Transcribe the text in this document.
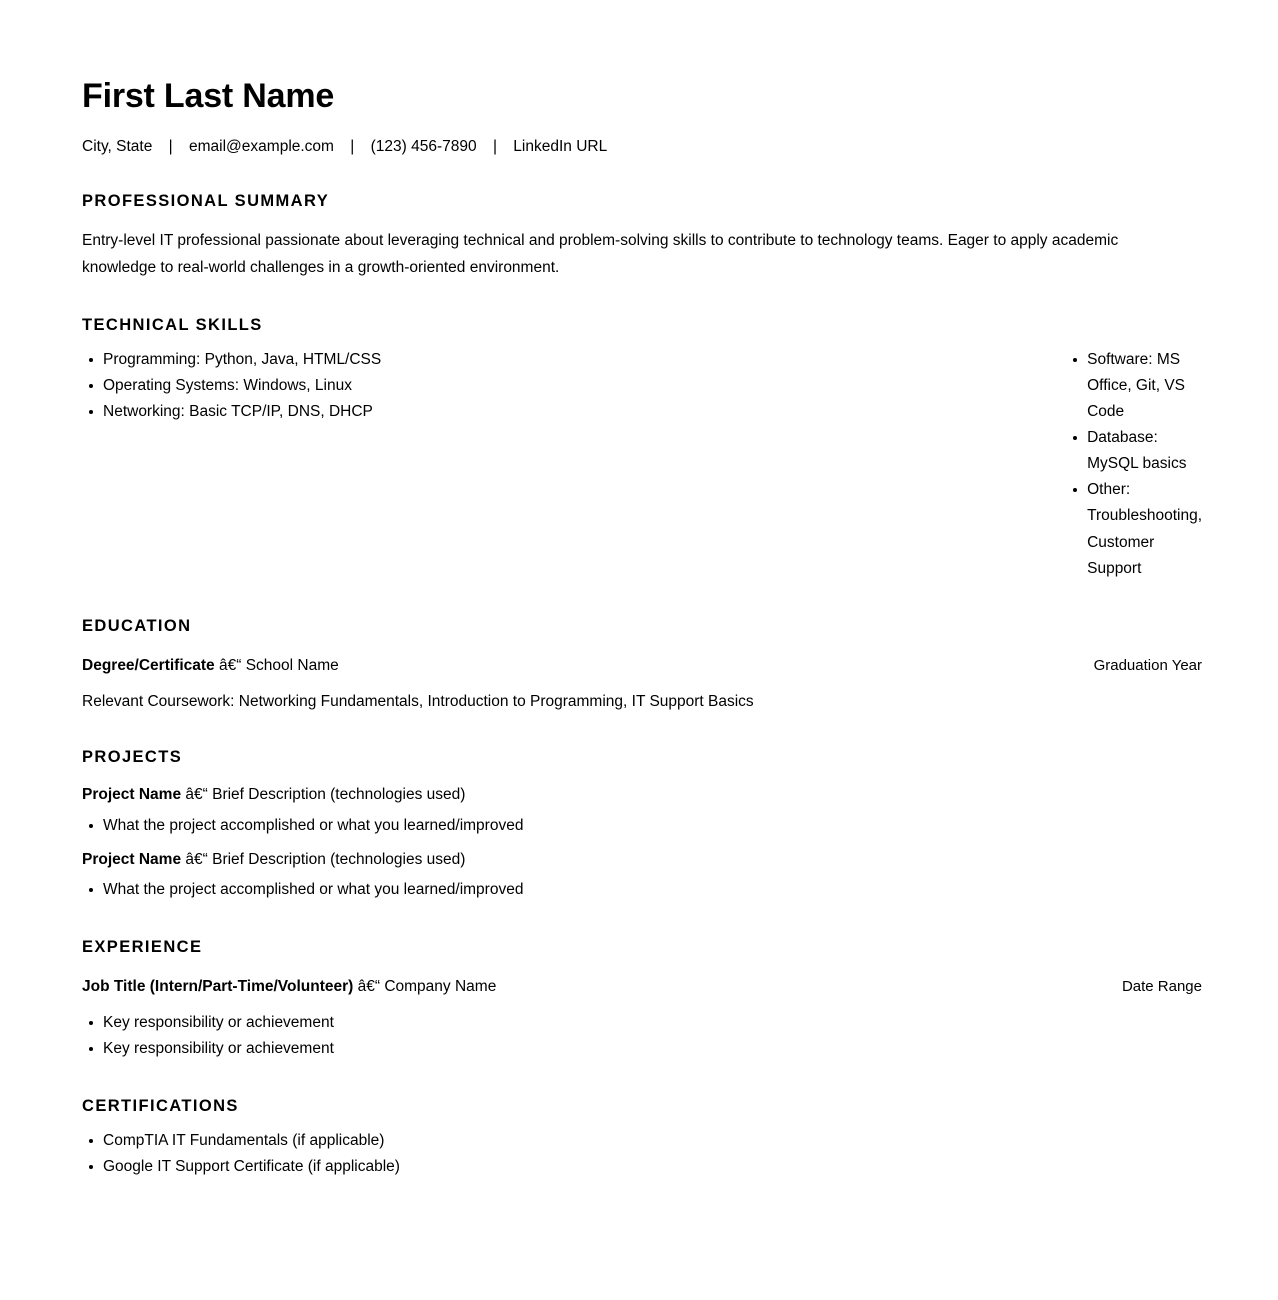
First Last Name
City, State | email@example.com | (123) 456-7890 | LinkedIn URL
PROFESSIONAL SUMMARY

Entry-level IT professional passionate about leveraging technical and problem-solving skills to contribute to technology teams. Eager to apply academic knowledge to real-world challenges in a growth-oriented environment.

TECHNICAL SKILLS
Programming: Python, Java, HTML/CSS
Operating Systems: Windows, Linux
Networking: Basic TCP/IP, DNS, DHCP
Software: MS Office, Git, VS Code
Database: MySQL basics
Other: Troubleshooting, Customer Support
EDUCATION
Degree/Certificate â€“ School Name	Graduation Year
Relevant Coursework: Networking Fundamentals, Introduction to Programming, IT Support Basics
PROJECTS
Project Name â€“ Brief Description (technologies used)
What the project accomplished or what you learned/improved
Project Name â€“ Brief Description (technologies used)
What the project accomplished or what you learned/improved
EXPERIENCE
Job Title (Intern/Part-Time/Volunteer) â€“ Company Name	Date Range
Key responsibility or achievement
Key responsibility or achievement
CERTIFICATIONS
CompTIA IT Fundamentals (if applicable)
Google IT Support Certificate (if applicable)
